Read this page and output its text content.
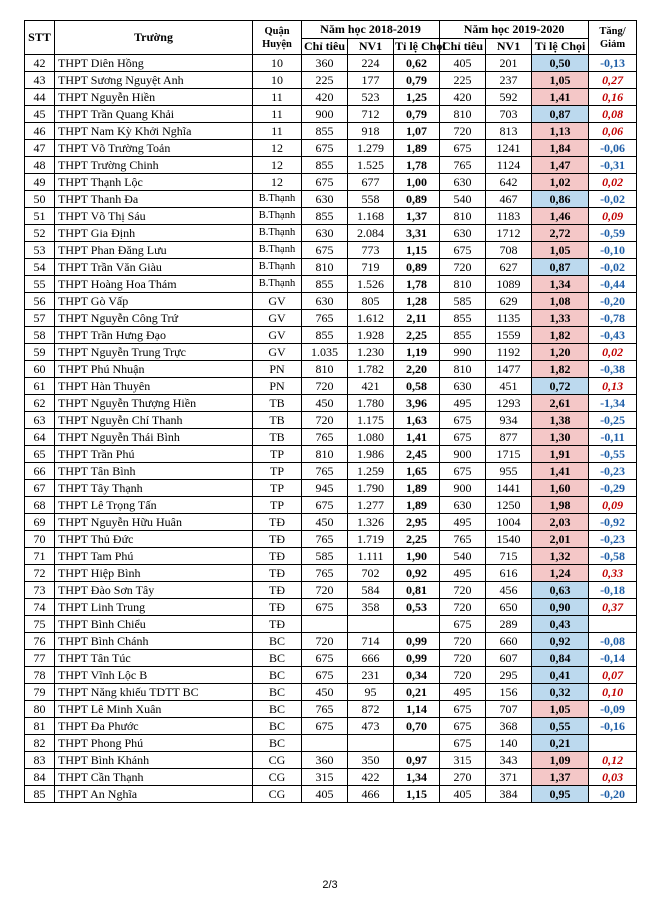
STT	Trường	Quận Huyện	Năm học 2018-2019			Năm học 2019-2020			Tăng/ Giảm
			Chỉ tiêu	NV1	Tỉ lệ Chọi	Chỉ tiêu	NV1	Tỉ lệ Chọi	
42	THPT Diên Hồng	10	360	224	0,62	405	201	0,50	-0,13
43	THPT Sương Nguyệt Anh	10	225	177	0,79	225	237	1,05	0,27
44	THPT Nguyễn Hiền	11	420	523	1,25	420	592	1,41	0,16
45	THPT Trần Quang Khải	11	900	712	0,79	810	703	0,87	0,08
46	THPT Nam Kỳ Khởi Nghĩa	11	855	918	1,07	720	813	1,13	0,06
47	THPT Võ Trường Toản	12	675	1.279	1,89	675	1241	1,84	-0,06
48	THPT Trường Chinh	12	855	1.525	1,78	765	1124	1,47	-0,31
49	THPT Thạnh Lộc	12	675	677	1,00	630	642	1,02	0,02
50	THPT Thanh Đa	B.Thạnh	630	558	0,89	540	467	0,86	-0,02
51	THPT Võ Thị Sáu	B.Thạnh	855	1.168	1,37	810	1183	1,46	0,09
52	THPT Gia Định	B.Thạnh	630	2.084	3,31	630	1712	2,72	-0,59
53	THPT Phan Đăng Lưu	B.Thạnh	675	773	1,15	675	708	1,05	-0,10
54	THPT Trần Văn Giàu	B.Thạnh	810	719	0,89	720	627	0,87	-0,02
55	THPT Hoàng Hoa Thám	B.Thạnh	855	1.526	1,78	810	1089	1,34	-0,44
56	THPT Gò Vấp	GV	630	805	1,28	585	629	1,08	-0,20
57	THPT Nguyễn Công Trứ	GV	765	1.612	2,11	855	1135	1,33	-0,78
58	THPT Trần Hưng Đạo	GV	855	1.928	2,25	855	1559	1,82	-0,43
59	THPT Nguyễn Trung Trực	GV	1.035	1.230	1,19	990	1192	1,20	0,02
60	THPT Phú Nhuận	PN	810	1.782	2,20	810	1477	1,82	-0,38
61	THPT Hàn Thuyên	PN	720	421	0,58	630	451	0,72	0,13
62	THPT Nguyễn Thượng Hiền	TB	450	1.780	3,96	495	1293	2,61	-1,34
63	THPT Nguyễn Chí Thanh	TB	720	1.175	1,63	675	934	1,38	-0,25
64	THPT Nguyễn Thái Bình	TB	765	1.080	1,41	675	877	1,30	-0,11
65	THPT Trần Phú	TP	810	1.986	2,45	900	1715	1,91	-0,55
66	THPT Tân Bình	TP	765	1.259	1,65	675	955	1,41	-0,23
67	THPT Tây Thạnh	TP	945	1.790	1,89	900	1441	1,60	-0,29
68	THPT Lê Trọng Tấn	TP	675	1.277	1,89	630	1250	1,98	0,09
69	THPT Nguyễn Hữu Huân	TĐ	450	1.326	2,95	495	1004	2,03	-0,92
70	THPT Thủ Đức	TĐ	765	1.719	2,25	765	1540	2,01	-0,23
71	THPT Tam Phú	TĐ	585	1.111	1,90	540	715	1,32	-0,58
72	THPT Hiệp Bình	TĐ	765	702	0,92	495	616	1,24	0,33
73	THPT Đào Sơn Tây	TĐ	720	584	0,81	720	456	0,63	-0,18
74	THPT Linh Trung	TĐ	675	358	0,53	720	650	0,90	0,37
75	THPT Bình Chiểu	TĐ				675	289	0,43	
76	THPT Bình Chánh	BC	720	714	0,99	720	660	0,92	-0,08
77	THPT Tân Túc	BC	675	666	0,99	720	607	0,84	-0,14
78	THPT Vĩnh Lộc B	BC	675	231	0,34	720	295	0,41	0,07
79	THPT Năng khiếu TDTT BC	BC	450	95	0,21	495	156	0,32	0,10
80	THPT Lê Minh Xuân	BC	765	872	1,14	675	707	1,05	-0,09
81	THPT Đa Phước	BC	675	473	0,70	675	368	0,55	-0,16
82	THPT Phong Phú	BC				675	140	0,21	
83	THPT Bình Khánh	CG	360	350	0,97	315	343	1,09	0,12
84	THPT Cần Thạnh	CG	315	422	1,34	270	371	1,37	0,03
85	THPT An Nghĩa	CG	405	466	1,15	405	384	0,95	-0,20
2/3
